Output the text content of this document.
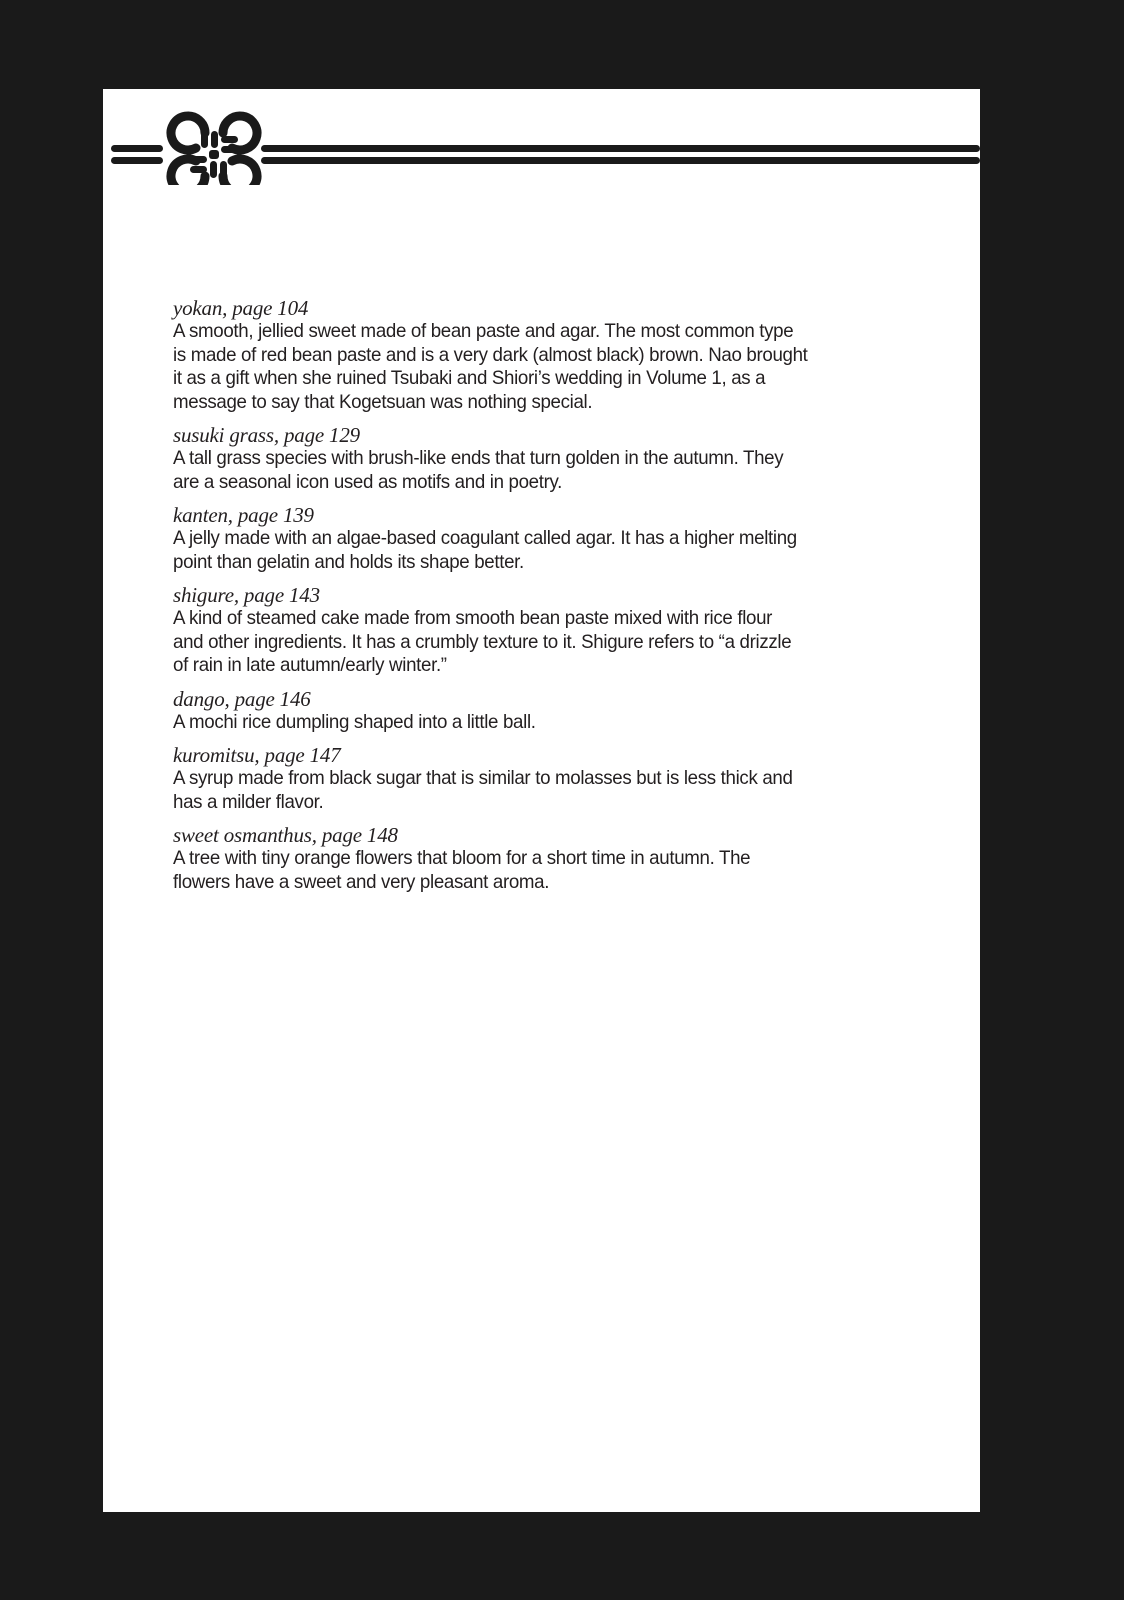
yokan, page 104
A smooth, jellied sweet made of bean paste and agar. The most common type
is made of red bean paste and is a very dark (almost black) brown. Nao brought
it as a gift when she ruined Tsubaki and Shiori’s wedding in Volume 1, as a
message to say that Kogetsuan was nothing special.
susuki grass, page 129
A tall grass species with brush-like ends that turn golden in the autumn. They
are a seasonal icon used as motifs and in poetry.
kanten, page 139
A jelly made with an algae-based coagulant called agar. It has a higher melting
point than gelatin and holds its shape better.
shigure, page 143
A kind of steamed cake made from smooth bean paste mixed with rice flour
and other ingredients. It has a crumbly texture to it. Shigure refers to “a drizzle
of rain in late autumn/early winter.”
dango, page 146
A mochi rice dumpling shaped into a little ball.
kuromitsu, page 147
A syrup made from black sugar that is similar to molasses but is less thick and
has a milder flavor.
sweet osmanthus, page 148
A tree with tiny orange flowers that bloom for a short time in autumn. The
flowers have a sweet and very pleasant aroma.
